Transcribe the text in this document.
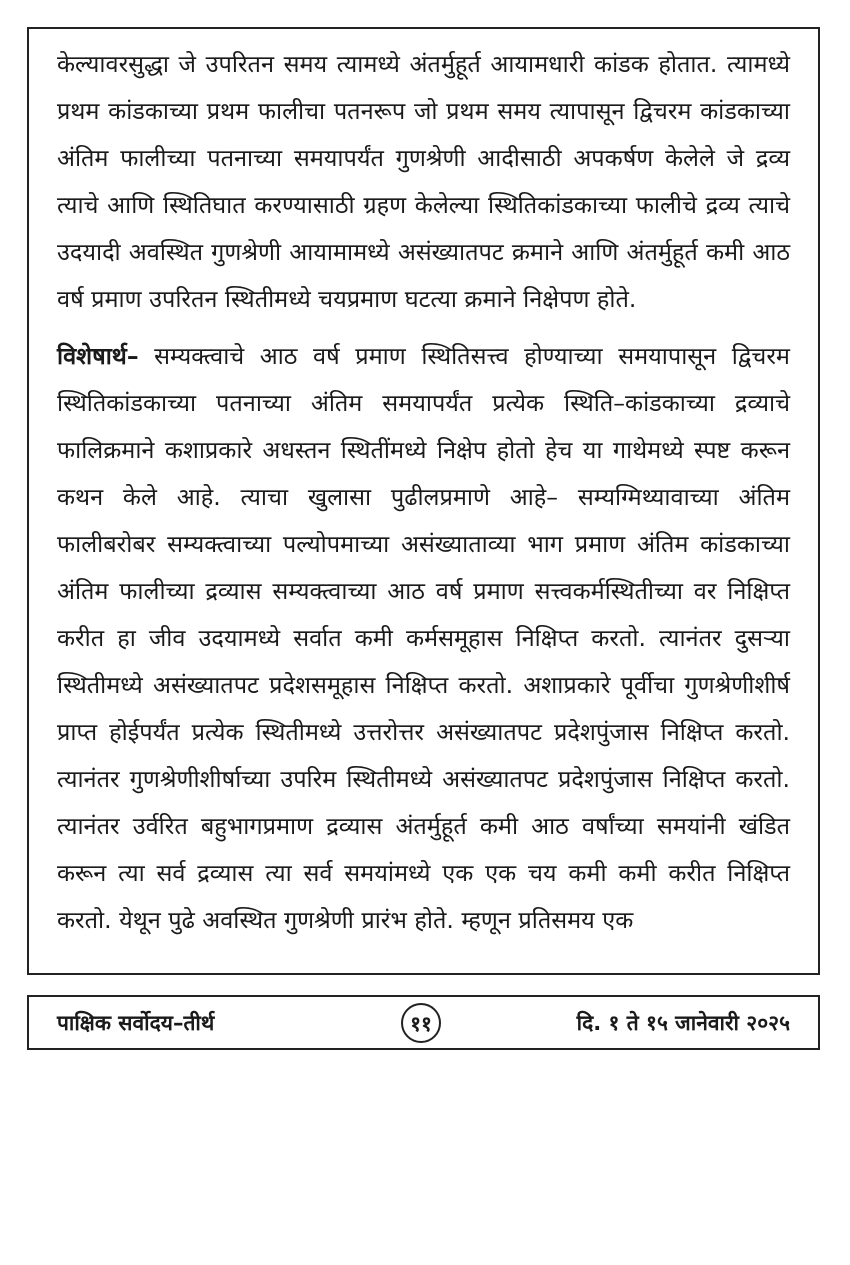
केल्यावरसुद्धा जे उपरितन समय त्यामध्ये अंतर्मुहूर्त आयामधारी कांडक होतात. त्यामध्ये प्रथम कांडकाच्या प्रथम फालीचा पतनरूप जो प्रथम समय त्यापासून द्विचरम कांडकाच्या अंतिम फालीच्या पतनाच्या समयापर्यंत गुणश्रेणी आदीसाठी अपकर्षण केलेले जे द्रव्य त्याचे आणि स्थितिघात करण्यासाठी ग्रहण केलेल्या स्थितिकांडकाच्या फालीचे द्रव्य त्याचे उदयादी अवस्थित गुणश्रेणी आयामामध्ये असंख्यातपट क्रमाने आणि अंतर्मुहूर्त कमी आठ वर्ष प्रमाण उपरितन स्थितीमध्ये चयप्रमाण घटत्या क्रमाने निक्षेपण होते.

विशेषार्थ– सम्यक्त्वाचे आठ वर्ष प्रमाण स्थितिसत्त्व होण्याच्या समयापासून द्विचरम स्थितिकांडकाच्या पतनाच्या अंतिम समयापर्यंत प्रत्येक स्थिति–कांडकाच्या द्रव्याचे फालिक्रमाने कशाप्रकारे अधस्तन स्थितींमध्ये निक्षेप होतो हेच या गाथेमध्ये स्पष्ट करून कथन केले आहे. त्याचा खुलासा पुढीलप्रमाणे आहे– सम्यग्मिथ्यावाच्या अंतिम फालीबरोबर सम्यक्त्वाच्या पल्योपमाच्या असंख्याताव्या भाग प्रमाण अंतिम कांडकाच्या अंतिम फालीच्या द्रव्यास सम्यक्त्वाच्या आठ वर्ष प्रमाण सत्त्वकर्मस्थितीच्या वर निक्षिप्त करीत हा जीव उदयामध्ये सर्वात कमी कर्मसमूहास निक्षिप्त करतो. त्यानंतर दुसऱ्या स्थितीमध्ये असंख्यातपट प्रदेशसमूहास निक्षिप्त करतो. अशाप्रकारे पूर्वीचा गुणश्रेणीशीर्ष प्राप्त होईपर्यंत प्रत्येक स्थितीमध्ये उत्तरोत्तर असंख्यातपट प्रदेशपुंजास निक्षिप्त करतो. त्यानंतर गुणश्रेणीशीर्षाच्या उपरिम स्थितीमध्ये असंख्यातपट प्रदेशपुंजास निक्षिप्त करतो. त्यानंतर उर्वरित बहुभागप्रमाण द्रव्यास अंतर्मुहूर्त कमी आठ वर्षांच्या समयांनी खंडित करून त्या सर्व द्रव्यास त्या सर्व समयांमध्ये एक एक चय कमी कमी करीत निक्षिप्त करतो. येथून पुढे अवस्थित गुणश्रेणी प्रारंभ होते. म्हणून प्रतिसमय एक

पाक्षिक सर्वोदय–तीर्थ	११	दि. १ ते १५ जानेवारी २०२५
